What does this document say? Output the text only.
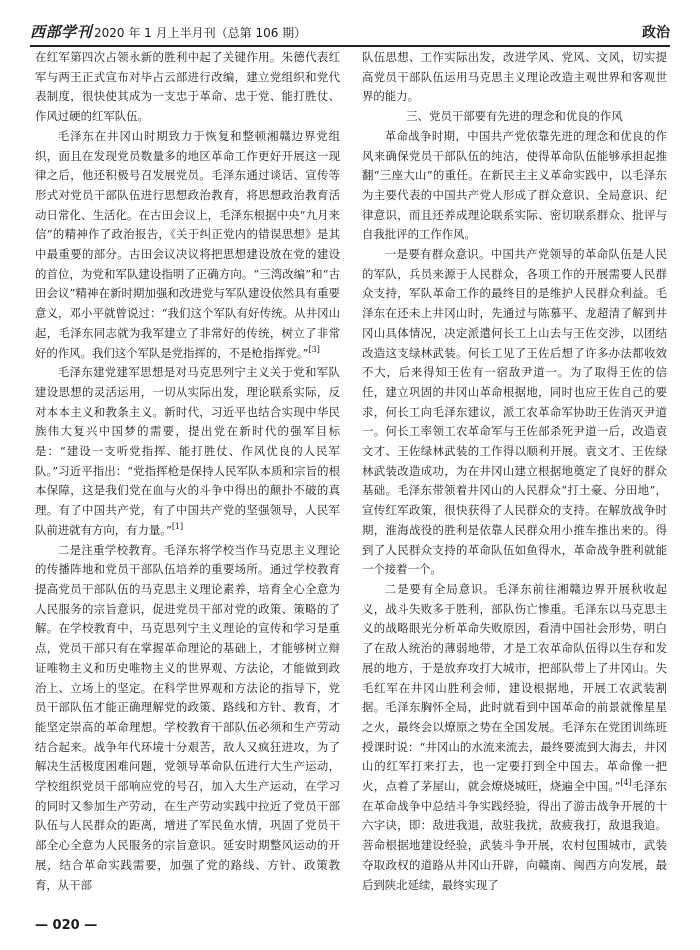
西部学刊 2020 年 1 月上半月刊（总第 106 期）	政治

在红军第四次占领永新的胜利中起了关键作用。朱德代表红军与两王正式宣布对毕占云部进行改编，建立党组织和党代表制度，很快使其成为一支忠于革命、忠于党、能打胜仗、作风过硬的红军队伍。

毛泽东在井冈山时期致力于恢复和整顿湘赣边界党组织，面且在发现党员数量多的地区革命工作更好开展这一现律之后，他还积极号召发展党员。毛泽东通过谈话、宣传等形式对党员干部队伍进行思想政治教育，将思想政治教育活动日常化、生活化。在古田会议上，毛泽东根据中央“九月来信”的精神作了政治报告，《关于纠正党内的错误思想》是其中最重要的部分。古田会议决议将把思想建设放在党的建设的首位，为党和军队建设指明了正确方向。“三湾改编”和“古田会议”精神在新时期加强和改进党与军队建设依然具有重要意义，邓小平就曾说过：“我们这个军队有好传统。从井冈山起，毛泽东同志就为我军建立了非常好的传统，树立了非常好的作风。我们这个军队是党指挥的，不是枪指挥党。”[3]

毛泽东建党建军思想是对马克思列宁主义关于党和军队建设思想的灵活运用，一切从实际出发，理论联系实际，反对本本主义和教条主义。新时代，习近平也结合实现中华民族伟大复兴中国梦的需要，提出党在新时代的强军目标是：“建设一支听党指挥、能打胜仗、作风优良的人民军队。”习近平指出：“党指挥枪是保持人民军队本质和宗旨的根本保障，这是我们党在血与火的斗争中得出的颠扑不破的真理。有了中国共产党，有了中国共产党的坚强领导，人民军队前进就有方向，有力量。”[1]

二是注重学校教育。毛泽东将学校当作马克思主义理论的传播阵地和党员干部队伍培养的重要场所。通过学校教育提高党员干部队伍的马克思主义理论素养，培育全心全意为人民服务的宗旨意识，促进党员干部对党的政策、策略的了解。在学校教育中，马克思列宁主义理论的宣传和学习是重点，党员干部只有在掌握革命理论的基础上，才能够树立辩证唯物主义和历史唯物主义的世界观、方法论，才能做到政治上、立场上的坚定。在科学世界观和方法论的指导下，党员干部队伍才能正确理解党的政策、路线和方针、教育，才能坚定崇高的革命理想。学校教育干部队伍必须和生产劳动结合起来。战争年代环境十分艰苦，敌人又疯狂进攻，为了解决生活极度困难问题，党领导革命队伍进行大生产运动，学校组织党员干部响应党的号召，加入大生产运动，在学习的同时又参加生产劳动，在生产劳动实践中拉近了党员干部队伍与人民群众的距离，增进了军民鱼水情，巩固了党员干部全心全意为人民服务的宗旨意识。延安时期整风运动的开展，结合革命实践需要，加强了党的路线、方针、政策教育，从干部

队伍思想、工作实际出发，改进学风、党风、文风，切实提高党员干部队伍运用马克思主义理论改造主观世界和客观世界的能力。

三、党员干部要有先进的理念和优良的作风

革命战争时期，中国共产党依靠先进的理念和优良的作风来确保党员干部队伍的纯洁，使得革命队伍能够承担起推翻“三座大山”的重任。在新民主主义革命实践中，以毛泽东为主要代表的中国共产党人形成了群众意识、全局意识、纪律意识，而且还养成理论联系实际、密切联系群众、批评与自我批评的工作作风。

一是要有群众意识。中国共产党领导的革命队伍是人民的军队，兵员来源于人民群众，各项工作的开展需要人民群众支持，军队革命工作的最终目的是维护人民群众利益。毛泽东在还未上井冈山时，先通过与陈慕平、龙超清了解到井冈山具体情况，决定派遣何长工上山去与王佐交涉，以团结改造这支绿林武装。何长工见了王佐后想了许多办法都收效不大，后来得知王佐有一宿敌尹道一。为了取得王佐的信任，建立巩固的井冈山革命根据地，同时也应王佐自己的要求，何长工向毛泽东建议，派工农革命军协助王佐消灭尹道一。何长工率领工农革命军与王佐部杀死尹道一后，改造袁文才、王佐绿林武装的工作得以顺利开展。袁文才、王佐绿林武装改造成功，为在井冈山建立根据地奠定了良好的群众基础。毛泽东带领着井冈山的人民群众“打土豪、分田地”，宣传红军政策，很快获得了人民群众的支持。在解放战争时期，淮海战役的胜利是依靠人民群众用小推车推出来的。得到了人民群众支持的革命队伍如鱼得水，革命战争胜利就能一个接着一个。

二是要有全局意识。毛泽东前往湘赣边界开展秋收起义，战斗失败多于胜利，部队伤亡惨重。毛泽东以马克思主义的战略眼光分析革命失败原因，看清中国社会形势，明白了在敌人统治的薄弱地带，才是工农革命队伍得以生存和发展的地方，于是放弃攻打大城市，把部队带上了井冈山。失毛红军在井冈山胜利会师，建设根据地，开展工农武装割据。毛泽东胸怀全局，此时就看到中国革命的前景就像星星之火，最终会以燎原之势在全国发展。毛泽东在党团训练班授课时说：“井冈山的水流来流去，最终要流到大海去，井冈山的红军打来打去，也一定要打到全中国去。革命像一把火，点着了茅屋山，就会燎烧城旺，烧遍全中国。”[4]毛泽东在革命战争中总结斗争实践经验，得出了游击战争开展的十六字诀，即：敌进我退，敌驻我扰，敌疲我打，敌退我追。菩命根据地建设经验，武装斗争开展，农村包围城市，武装夺取政权的道路从井冈山开辟，向赣南、闽西方向发展，最后到陕北延续，最终实现了

— 020 —
